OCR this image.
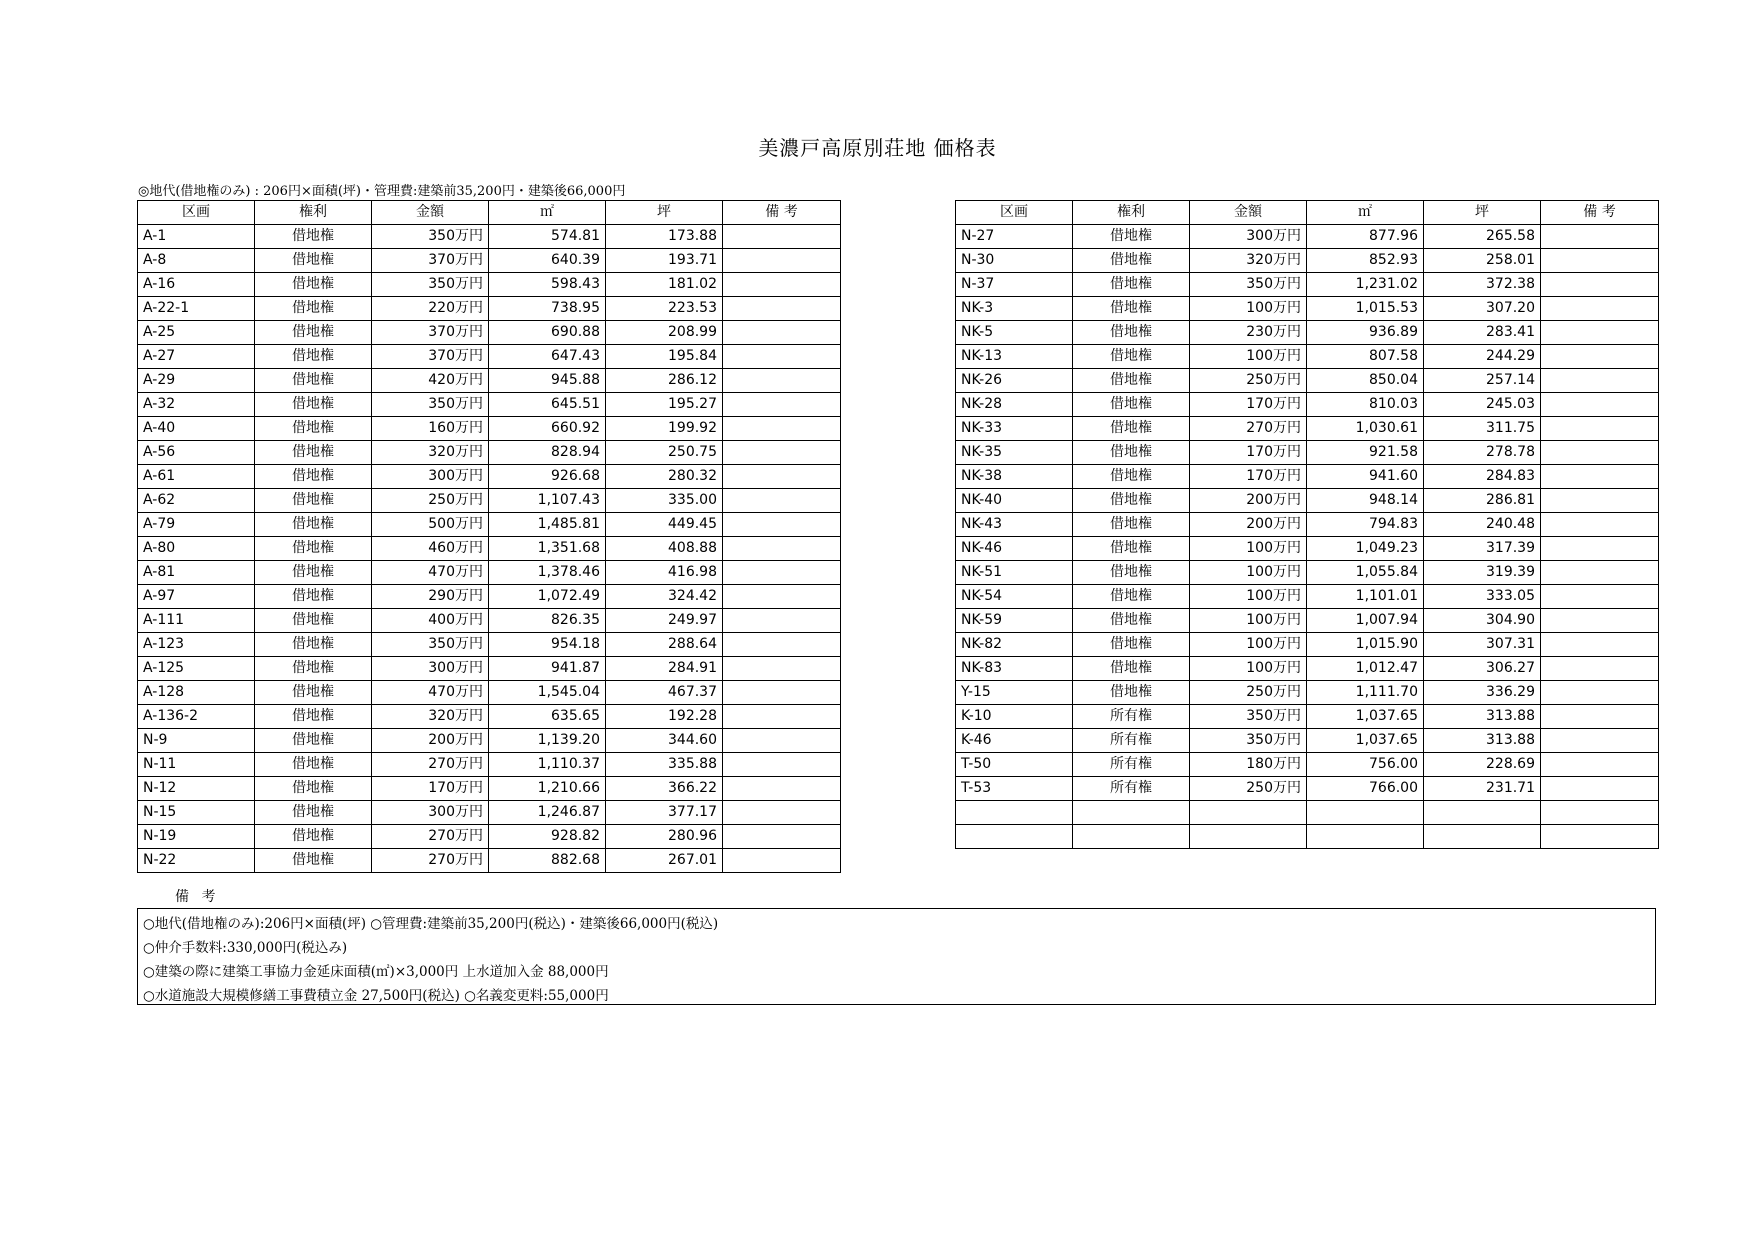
美濃戸高原別荘地 価格表
◎地代(借地権のみ) : 206円×面積(坪)・管理費:建築前35,200円・建築後66,000円
区画	権利	金額	㎡	坪	備 考
A-1	借地権	350万円	574.81	173.88	
A-8	借地権	370万円	640.39	193.71	
A-16	借地権	350万円	598.43	181.02	
A-22-1	借地権	220万円	738.95	223.53	
A-25	借地権	370万円	690.88	208.99	
A-27	借地権	370万円	647.43	195.84	
A-29	借地権	420万円	945.88	286.12	
A-32	借地権	350万円	645.51	195.27	
A-40	借地権	160万円	660.92	199.92	
A-56	借地権	320万円	828.94	250.75	
A-61	借地権	300万円	926.68	280.32	
A-62	借地権	250万円	1,107.43	335.00	
A-79	借地権	500万円	1,485.81	449.45	
A-80	借地権	460万円	1,351.68	408.88	
A-81	借地権	470万円	1,378.46	416.98	
A-97	借地権	290万円	1,072.49	324.42	
A-111	借地権	400万円	826.35	249.97	
A-123	借地権	350万円	954.18	288.64	
A-125	借地権	300万円	941.87	284.91	
A-128	借地権	470万円	1,545.04	467.37	
A-136-2	借地権	320万円	635.65	192.28	
N-9	借地権	200万円	1,139.20	344.60	
N-11	借地権	270万円	1,110.37	335.88	
N-12	借地権	170万円	1,210.66	366.22	
N-15	借地権	300万円	1,246.87	377.17	
N-19	借地権	270万円	928.82	280.96	
N-22	借地権	270万円	882.68	267.01	
区画	権利	金額	㎡	坪	備 考
N-27	借地権	300万円	877.96	265.58	
N-30	借地権	320万円	852.93	258.01	
N-37	借地権	350万円	1,231.02	372.38	
NK-3	借地権	100万円	1,015.53	307.20	
NK-5	借地権	230万円	936.89	283.41	
NK-13	借地権	100万円	807.58	244.29	
NK-26	借地権	250万円	850.04	257.14	
NK-28	借地権	170万円	810.03	245.03	
NK-33	借地権	270万円	1,030.61	311.75	
NK-35	借地権	170万円	921.58	278.78	
NK-38	借地権	170万円	941.60	284.83	
NK-40	借地権	200万円	948.14	286.81	
NK-43	借地権	200万円	794.83	240.48	
NK-46	借地権	100万円	1,049.23	317.39	
NK-51	借地権	100万円	1,055.84	319.39	
NK-54	借地権	100万円	1,101.01	333.05	
NK-59	借地権	100万円	1,007.94	304.90	
NK-82	借地権	100万円	1,015.90	307.31	
NK-83	借地権	100万円	1,012.47	306.27	
Y-15	借地権	250万円	1,111.70	336.29	
K-10	所有権	350万円	1,037.65	313.88	
K-46	所有権	350万円	1,037.65	313.88	
T-50	所有権	180万円	756.00	228.69	
T-53	所有権	250万円	766.00	231.71	

備 考
○地代(借地権のみ):206円×面積(坪) ○管理費:建築前35,200円(税込)・建築後66,000円(税込)
○仲介手数料:330,000円(税込み)
○建築の際に建築工事協力金延床面積(㎡)×3,000円 上水道加入金 88,000円
○水道施設大規模修繕工事費積立金 27,500円(税込) ○名義変更料:55,000円
